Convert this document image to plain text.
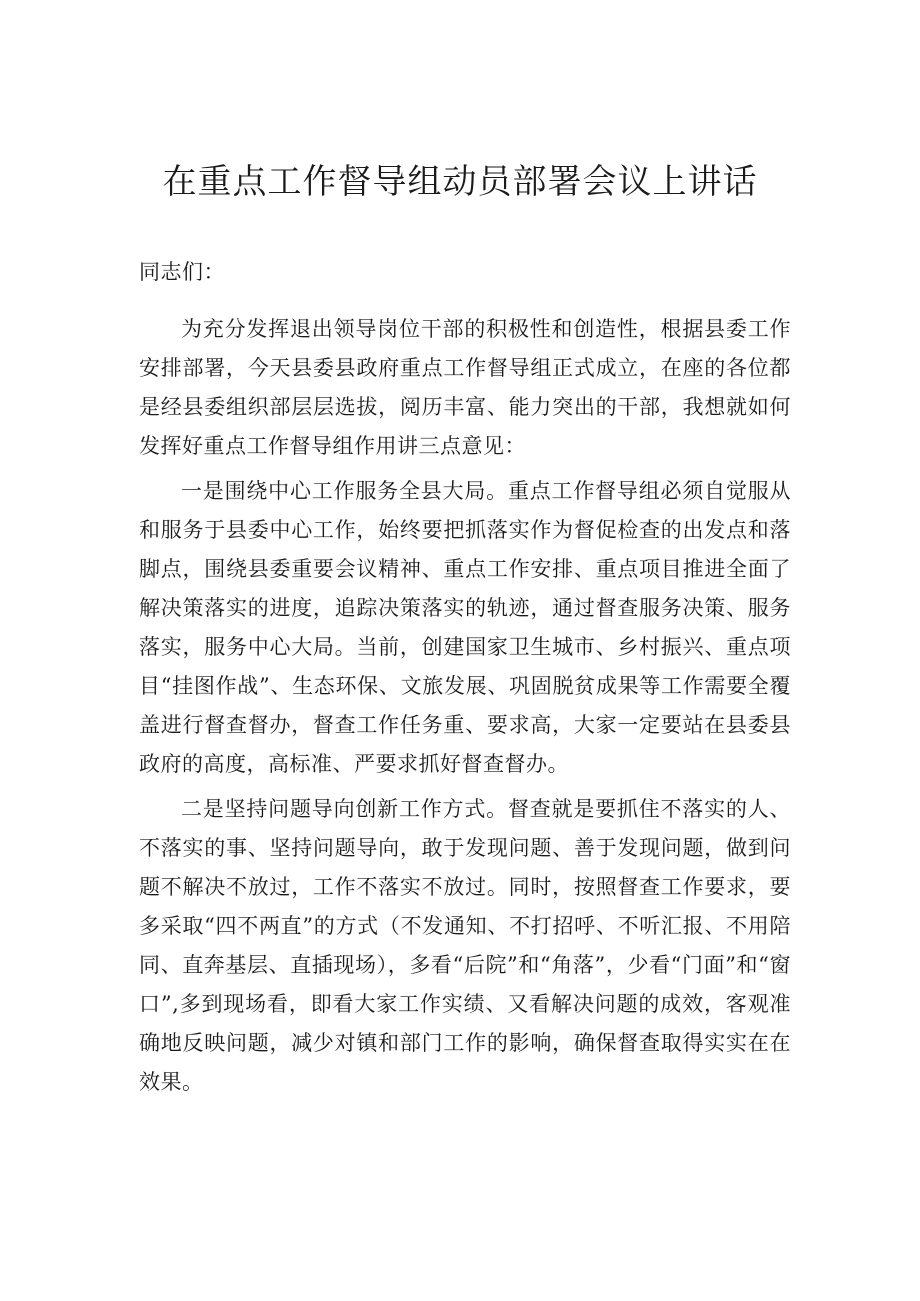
在重点工作督导组动员部署会议上讲话

同志们：

为充分发挥退出领导岗位干部的积极性和创造性，根据县委工作安排部署，今天县委县政府重点工作督导组正式成立，在座的各位都是经县委组织部层层选拔，阅历丰富、能力突出的干部，我想就如何发挥好重点工作督导组作用讲三点意见：

一是围绕中心工作服务全县大局。重点工作督导组必须自觉服从和服务于县委中心工作，始终要把抓落实作为督促检查的出发点和落脚点，围绕县委重要会议精神、重点工作安排、重点项目推进全面了解决策落实的进度，追踪决策落实的轨迹，通过督查服务决策、服务落实，服务中心大局。当前，创建国家卫生城市、乡村振兴、重点项目“挂图作战”、生态环保、文旅发展、巩固脱贫成果等工作需要全覆盖进行督查督办，督查工作任务重、要求高，大家一定要站在县委县政府的高度，高标准、严要求抓好督查督办。

二是坚持问题导向创新工作方式。督查就是要抓住不落实的人、不落实的事、坚持问题导向，敢于发现问题、善于发现问题，做到问题不解决不放过，工作不落实不放过。同时，按照督查工作要求，要多采取“四不两直”的方式（不发通知、不打招呼、不听汇报、不用陪同、直奔基层、直插现场），多看“后院”和“角落”，少看“门面”和“窗口”,多到现场看，即看大家工作实绩、又看解决问题的成效，客观准确地反映问题，减少对镇和部门工作的影响，确保督查取得实实在在效果。
